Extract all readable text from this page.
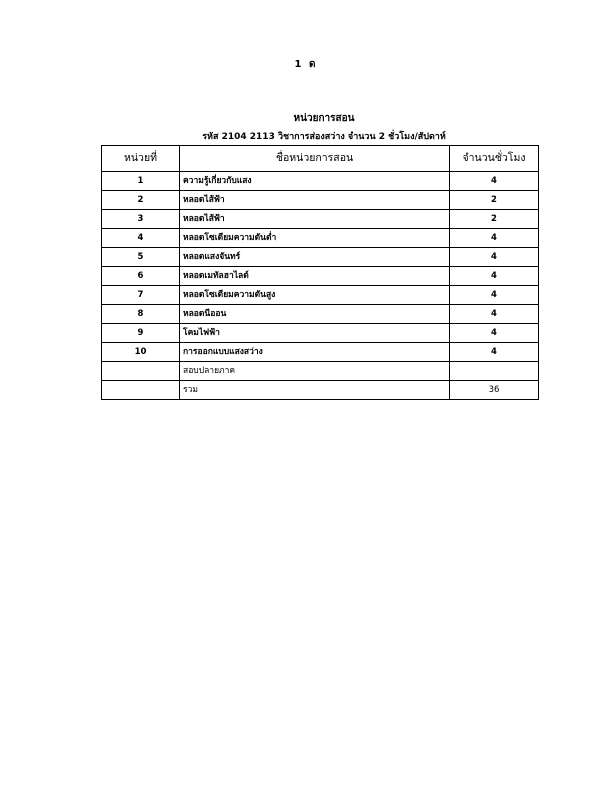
1 ด
หน่วยการสอน
รหัส 2104 2113 วิชาการส่องสว่าง จำนวน 2 ชั่วโมง/สัปดาห์
หน่วยที่	ชื่อหน่วยการสอน	จำนวนชั่วโมง
1	ความรู้เกี่ยวกับแสง	4
2	หลอดไส้ฟ้า	2
3	หลอดไส้ฟ้า	2
4	หลอดโซเดียมความดันต่ำ	4
5	หลอดแสงจันทร์	4
6	หลอดเมทัลฮาไลด์	4
7	หลอดโซเดียมความดันสูง	4
8	หลอดนีออน	4
9	โคมไฟฟ้า	4
10	การออกแบบแสงสว่าง	4
	สอบปลายภาค	
	รวม	36
